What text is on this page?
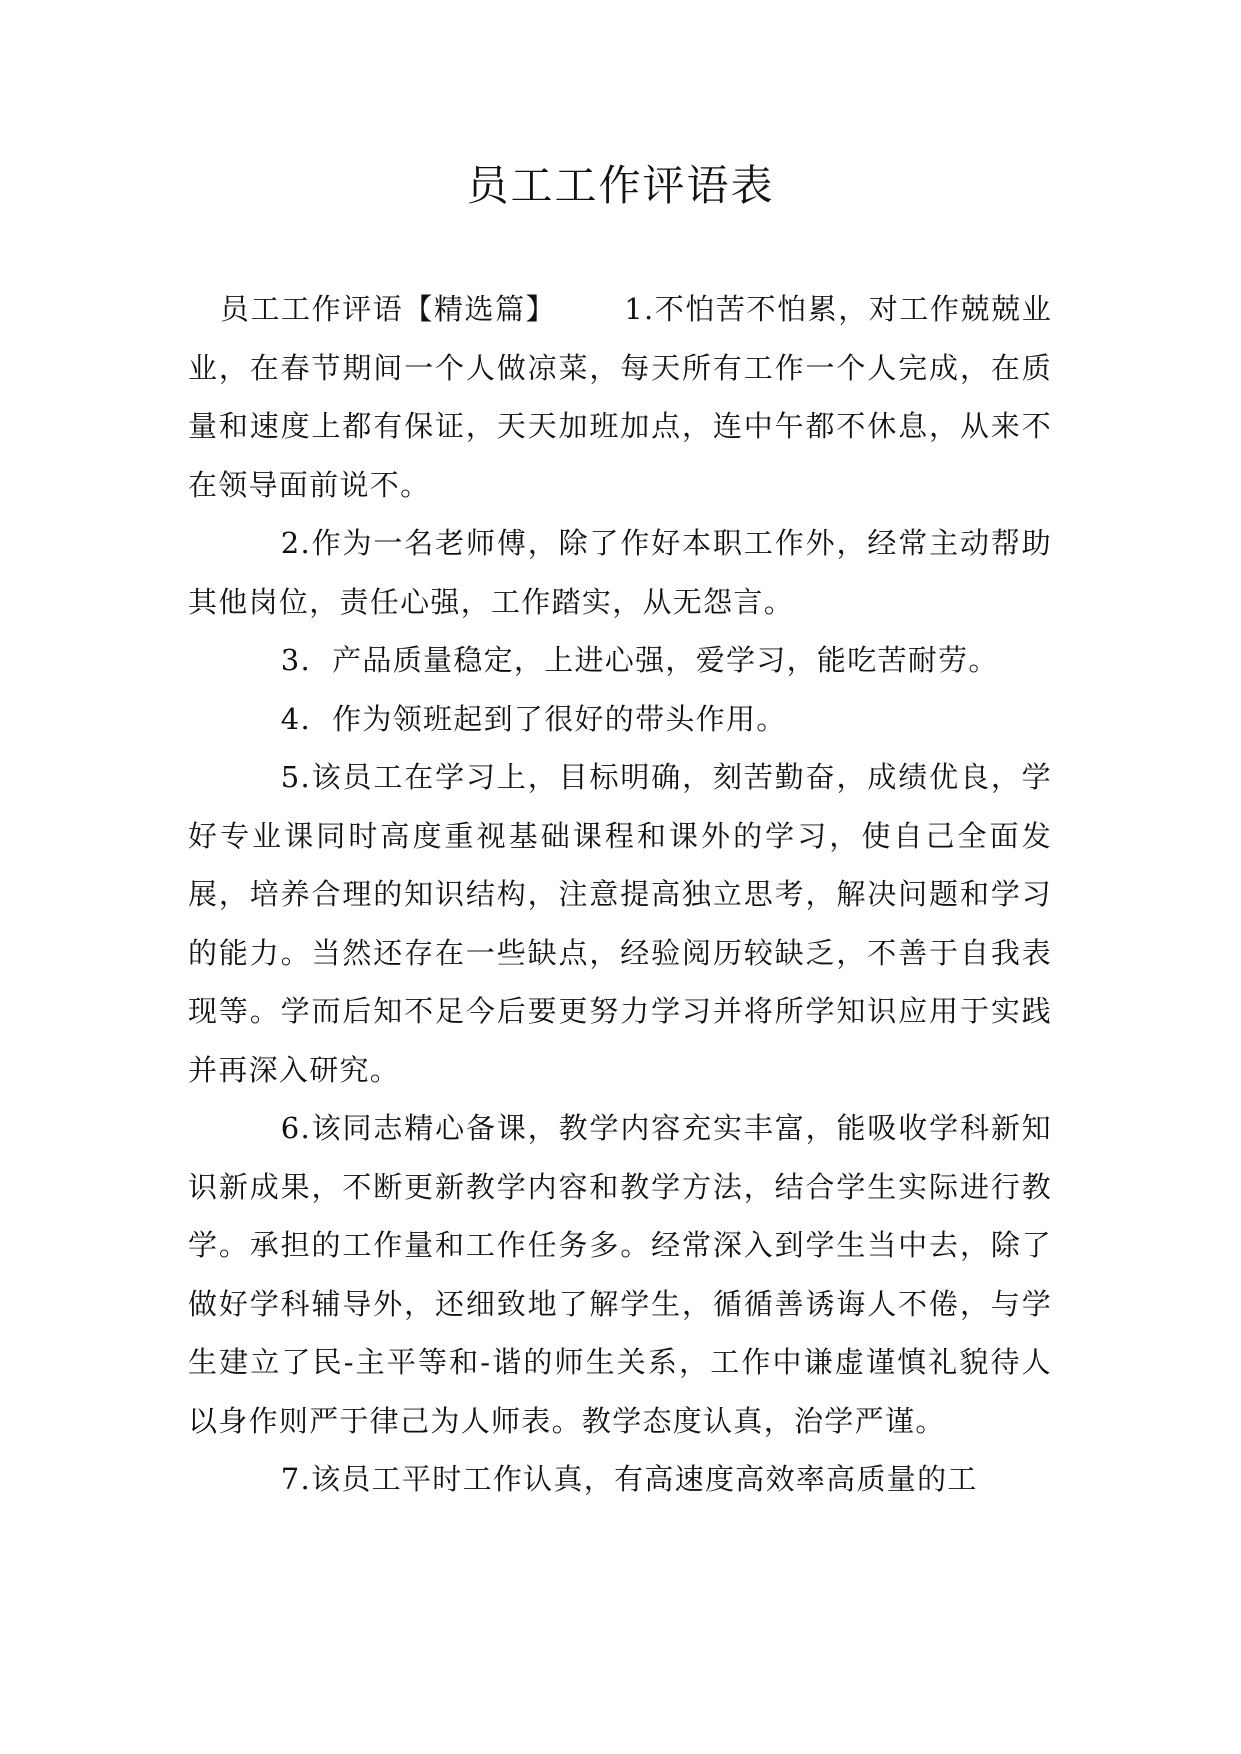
员工工作评语表

员工工作评语【精选篇】 1.不怕苦不怕累，对工作兢兢业业，在春节期间一个人做凉菜，每天所有工作一个人完成，在质量和速度上都有保证，天天加班加点，连中午都不休息，从来不在领导面前说不。

2.作为一名老师傅，除了作好本职工作外，经常主动帮助其他岗位，责任心强，工作踏实，从无怨言。

3.  产品质量稳定，上进心强，爱学习，能吃苦耐劳。

4.  作为领班起到了很好的带头作用。

5.该员工在学习上，目标明确，刻苦勤奋，成绩优良，学好专业课同时高度重视基础课程和课外的学习，使自己全面发展，培养合理的知识结构，注意提高独立思考，解决问题和学习的能力。当然还存在一些缺点，经验阅历较缺乏，不善于自我表现等。学而后知不足今后要更努力学习并将所学知识应用于实践并再深入研究。

6.该同志精心备课，教学内容充实丰富，能吸收学科新知识新成果，不断更新教学内容和教学方法，结合学生实际进行教学。承担的工作量和工作任务多。经常深入到学生当中去，除了做好学科辅导外，还细致地了解学生，循循善诱诲人不倦，与学生建立了民-主平等和-谐的师生关系，工作中谦虚谨慎礼貌待人以身作则严于律己为人师表。教学态度认真，治学严谨。

7.该员工平时工作认真，有高速度高效率高质量的工
